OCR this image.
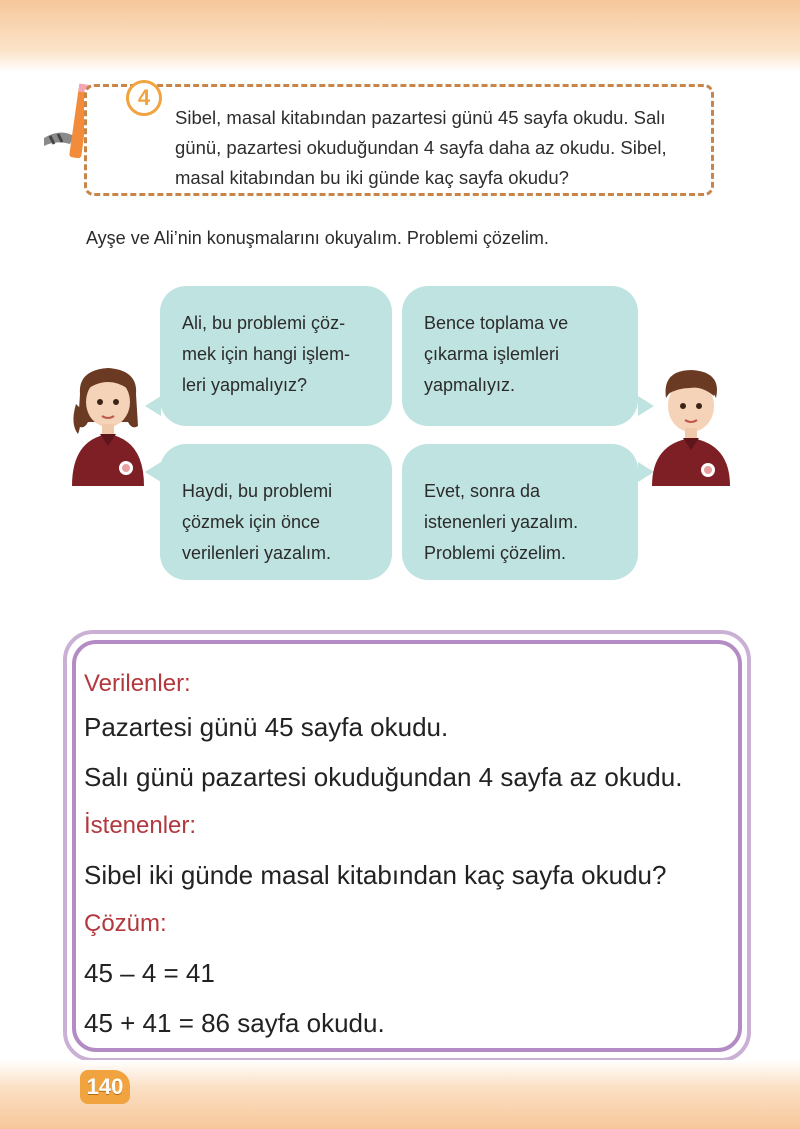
Sibel, masal kitabından pazartesi günü 45 sayfa okudu. Salı
günü, pazartesi okuduğundan 4 sayfa daha az okudu. Sibel,
masal kitabından bu iki günde kaç sayfa okudu?
4
Ayşe ve Ali’nin konuşmalarını okuyalım. Problemi çözelim.
Ali, bu problemi çöz-
mek için hangi işlem-
leri yapmalıyız?
Bence toplama ve
çıkarma işlemleri
yapmalıyız.
Haydi, bu problemi
çözmek için önce
verilenleri yazalım.
Evet, sonra da
istenenleri yazalım.
Problemi çözelim.
Verilenler:
Pazartesi günü 45 sayfa okudu.
Salı günü pazartesi okuduğundan 4 sayfa az okudu.
İstenenler:
Sibel iki günde masal kitabından kaç sayfa okudu?
Çözüm:
45 – 4 = 41
45 + 41 = 86 sayfa okudu.
140
